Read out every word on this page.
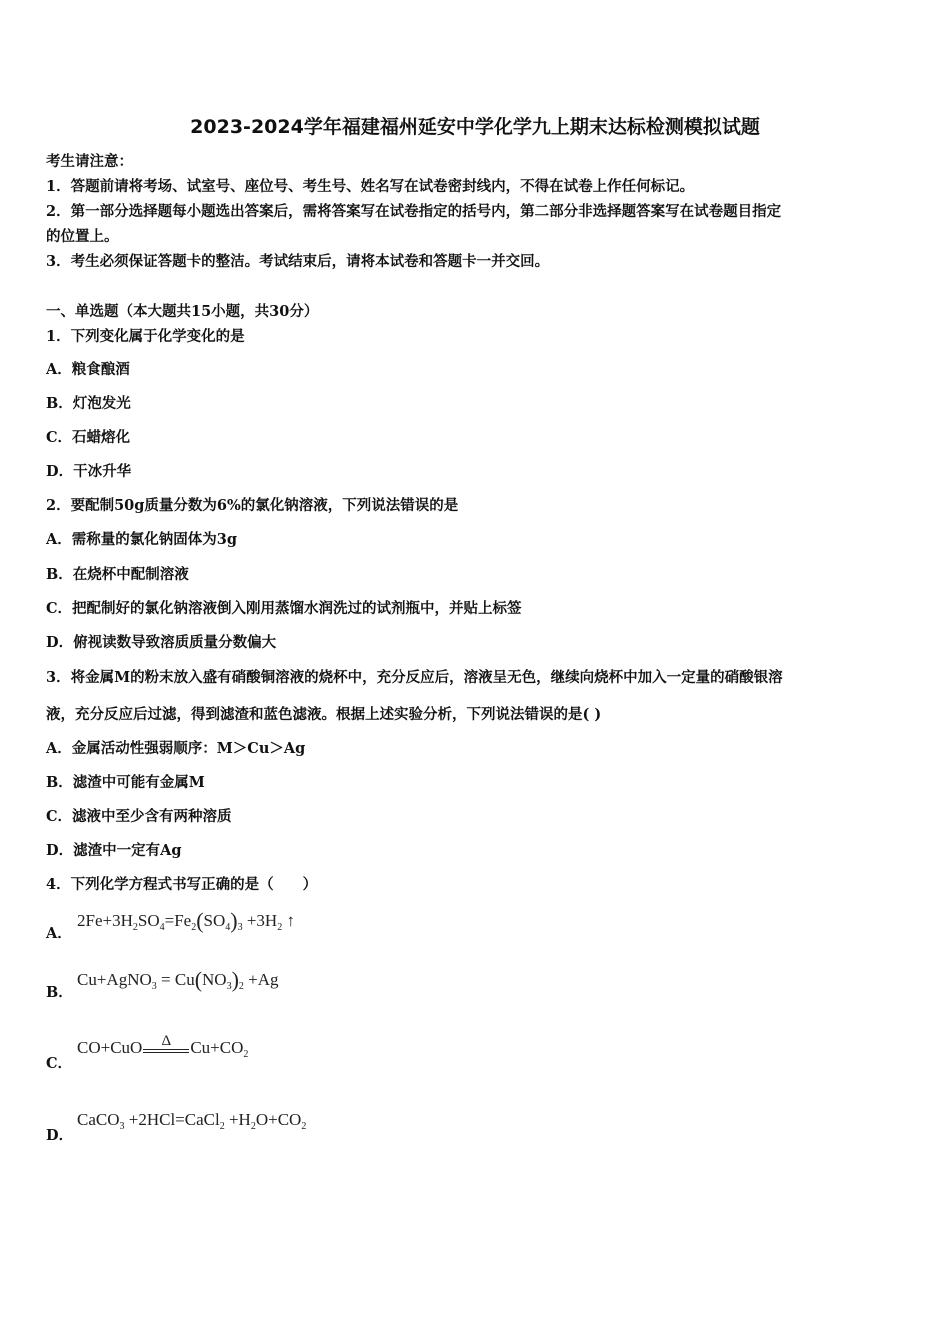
2023-2024学年福建福州延安中学化学九上期末达标检测模拟试题
考生请注意：
1．答题前请将考场、试室号、座位号、考生号、姓名写在试卷密封线内，不得在试卷上作任何标记。
2．第一部分选择题每小题选出答案后，需将答案写在试卷指定的括号内，第二部分非选择题答案写在试卷题目指定
的位置上。
3．考生必须保证答题卡的整洁。考试结束后，请将本试卷和答题卡一并交回。
一、单选题（本大题共15小题，共30分）
1．下列变化属于化学变化的是
A．粮食酿酒
B．灯泡发光
C．石蜡熔化
D．干冰升华
2．要配制50g质量分数为6%的氯化钠溶液，下列说法错误的是
A．需称量的氯化钠固体为3g
B．在烧杯中配制溶液
C．把配制好的氯化钠溶液倒入刚用蒸馏水润洗过的试剂瓶中，并贴上标签
D．俯视读数导致溶质质量分数偏大
3．将金属M的粉末放入盛有硝酸铜溶液的烧杯中，充分反应后，溶液呈无色，继续向烧杯中加入一定量的硝酸银溶
液，充分反应后过滤，得到滤渣和蓝色滤液。根据上述实验分析，下列说法错误的是( )
A．金属活动性强弱顺序：M＞Cu＞Ag
B．滤渣中可能有金属M
C．滤液中至少含有两种溶质
D．滤渣中一定有Ag
4．下列化学方程式书写正确的是（　　）
A．
$2Fe+3H_2SO_4=Fe_2(SO_4)_3 +3H_2$ ↑
B．
Cu+AgNO$_3$ = $Cu(NO_3)_2 +Ag$
C．
CO+CuO	Δ	$Cu+CO_2$
D．
CaCO$_3$ +2HCl=CaCl$_2$ $+H_2O+CO_2$
